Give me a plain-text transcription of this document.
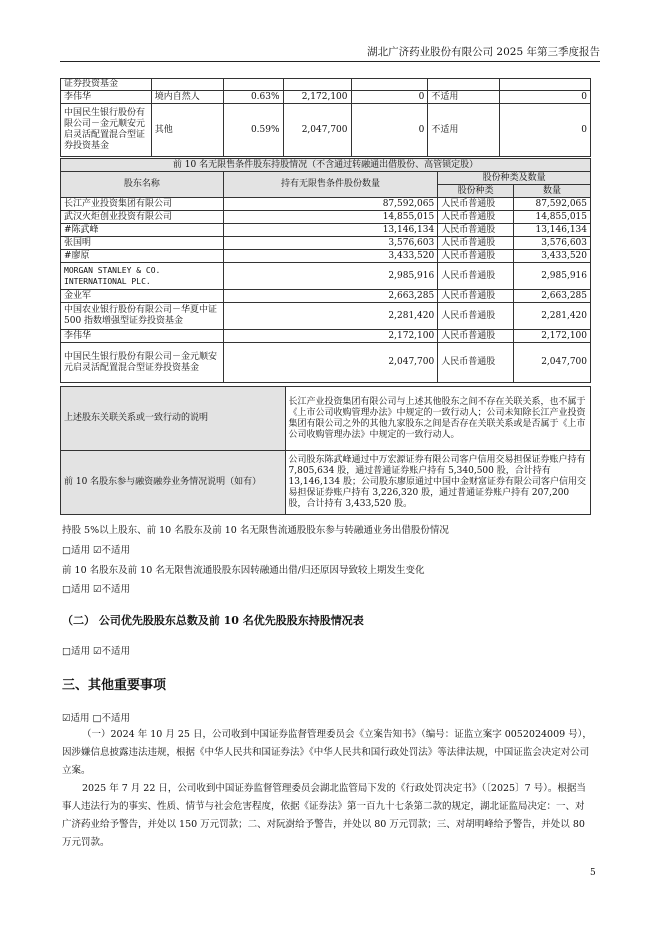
湖北广济药业股份有限公司 2025 年第三季度报告
证券投资基金						
李伟华	境内自然人	0.63%	2,172,100	0	不适用	0
中国民生银行股份有限公司－金元顺安元启灵活配置混合型证券投资基金	其他	0.59%	2,047,700	0	不适用	0
前 10 名无限售条件股东持股情况（不含通过转融通出借股份、高管锁定股）			
股东名称	持有无限售条件股份数量	股份种类及数量	
		股份种类	数量
长江产业投资集团有限公司	87,592,065	人民币普通股	87,592,065
武汉火炬创业投资有限公司	14,855,015	人民币普通股	14,855,015
#陈武峰	13,146,134	人民币普通股	13,146,134
张国明	3,576,603	人民币普通股	3,576,603
#廖原	3,433,520	人民币普通股	3,433,520
MORGAN STANLEY & CO. INTERNATIONAL PLC.	2,985,916	人民币普通股	2,985,916
金业军	2,663,285	人民币普通股	2,663,285
中国农业银行股份有限公司－华夏中证 500 指数增强型证券投资基金	2,281,420	人民币普通股	2,281,420
李伟华	2,172,100	人民币普通股	2,172,100
中国民生银行股份有限公司－金元顺安元启灵活配置混合型证券投资基金	2,047,700	人民币普通股	2,047,700
上述股东关联关系或一致行动的说明	长江产业投资集团有限公司与上述其他股东之间不存在关联关系，也不属于《上市公司收购管理办法》中规定的一致行动人；公司未知除长江产业投资集团有限公司之外的其他九家股东之间是否存在关联关系或是否属于《上市公司收购管理办法》中规定的一致行动人。
前 10 名股东参与融资融券业务情况说明（如有）	公司股东陈武峰通过中万宏源证券有限公司客户信用交易担保证券账户持有 7,805,634 股，通过普通证券账户持有 5,340,500 股，合计持有 13,146,134 股；公司股东廖原通过中国中金财富证券有限公司客户信用交易担保证券账户持有 3,226,320 股，通过普通证券账户持有 207,200 股，合计持有 3,433,520 股。
持股 5%以上股东、前 10 名股东及前 10 名无限售流通股股东参与转融通业务出借股份情况
□适用 ☑不适用
前 10 名股东及前 10 名无限售流通股股东因转融通出借/归还原因导致较上期发生变化
□适用 ☑不适用
（二） 公司优先股股东总数及前 10 名优先股股东持股情况表
□适用 ☑不适用
三、其他重要事项
☑适用 □不适用
（一）2024 年 10 月 25 日，公司收到中国证券监督管理委员会《立案告知书》（编号：证监立案字 0052024009 号），因涉嫌信息披露违法违规，根据《中华人民共和国证券法》《中华人民共和国行政处罚法》等法律法规，中国证监会决定对公司立案。
2025 年 7 月 22 日，公司收到中国证券监督管理委员会湖北监管局下发的《行政处罚决定书》（〔2025〕7 号）。根据当事人违法行为的事实、性质、情节与社会危害程度，依据《证券法》第一百九十七条第二款的规定，湖北证监局决定：一、对广济药业给予警告，并处以 150 万元罚款；二、对阮澍给予警告，并处以 80 万元罚款；三、对胡明峰给予警告，并处以 80 万元罚款。
5
